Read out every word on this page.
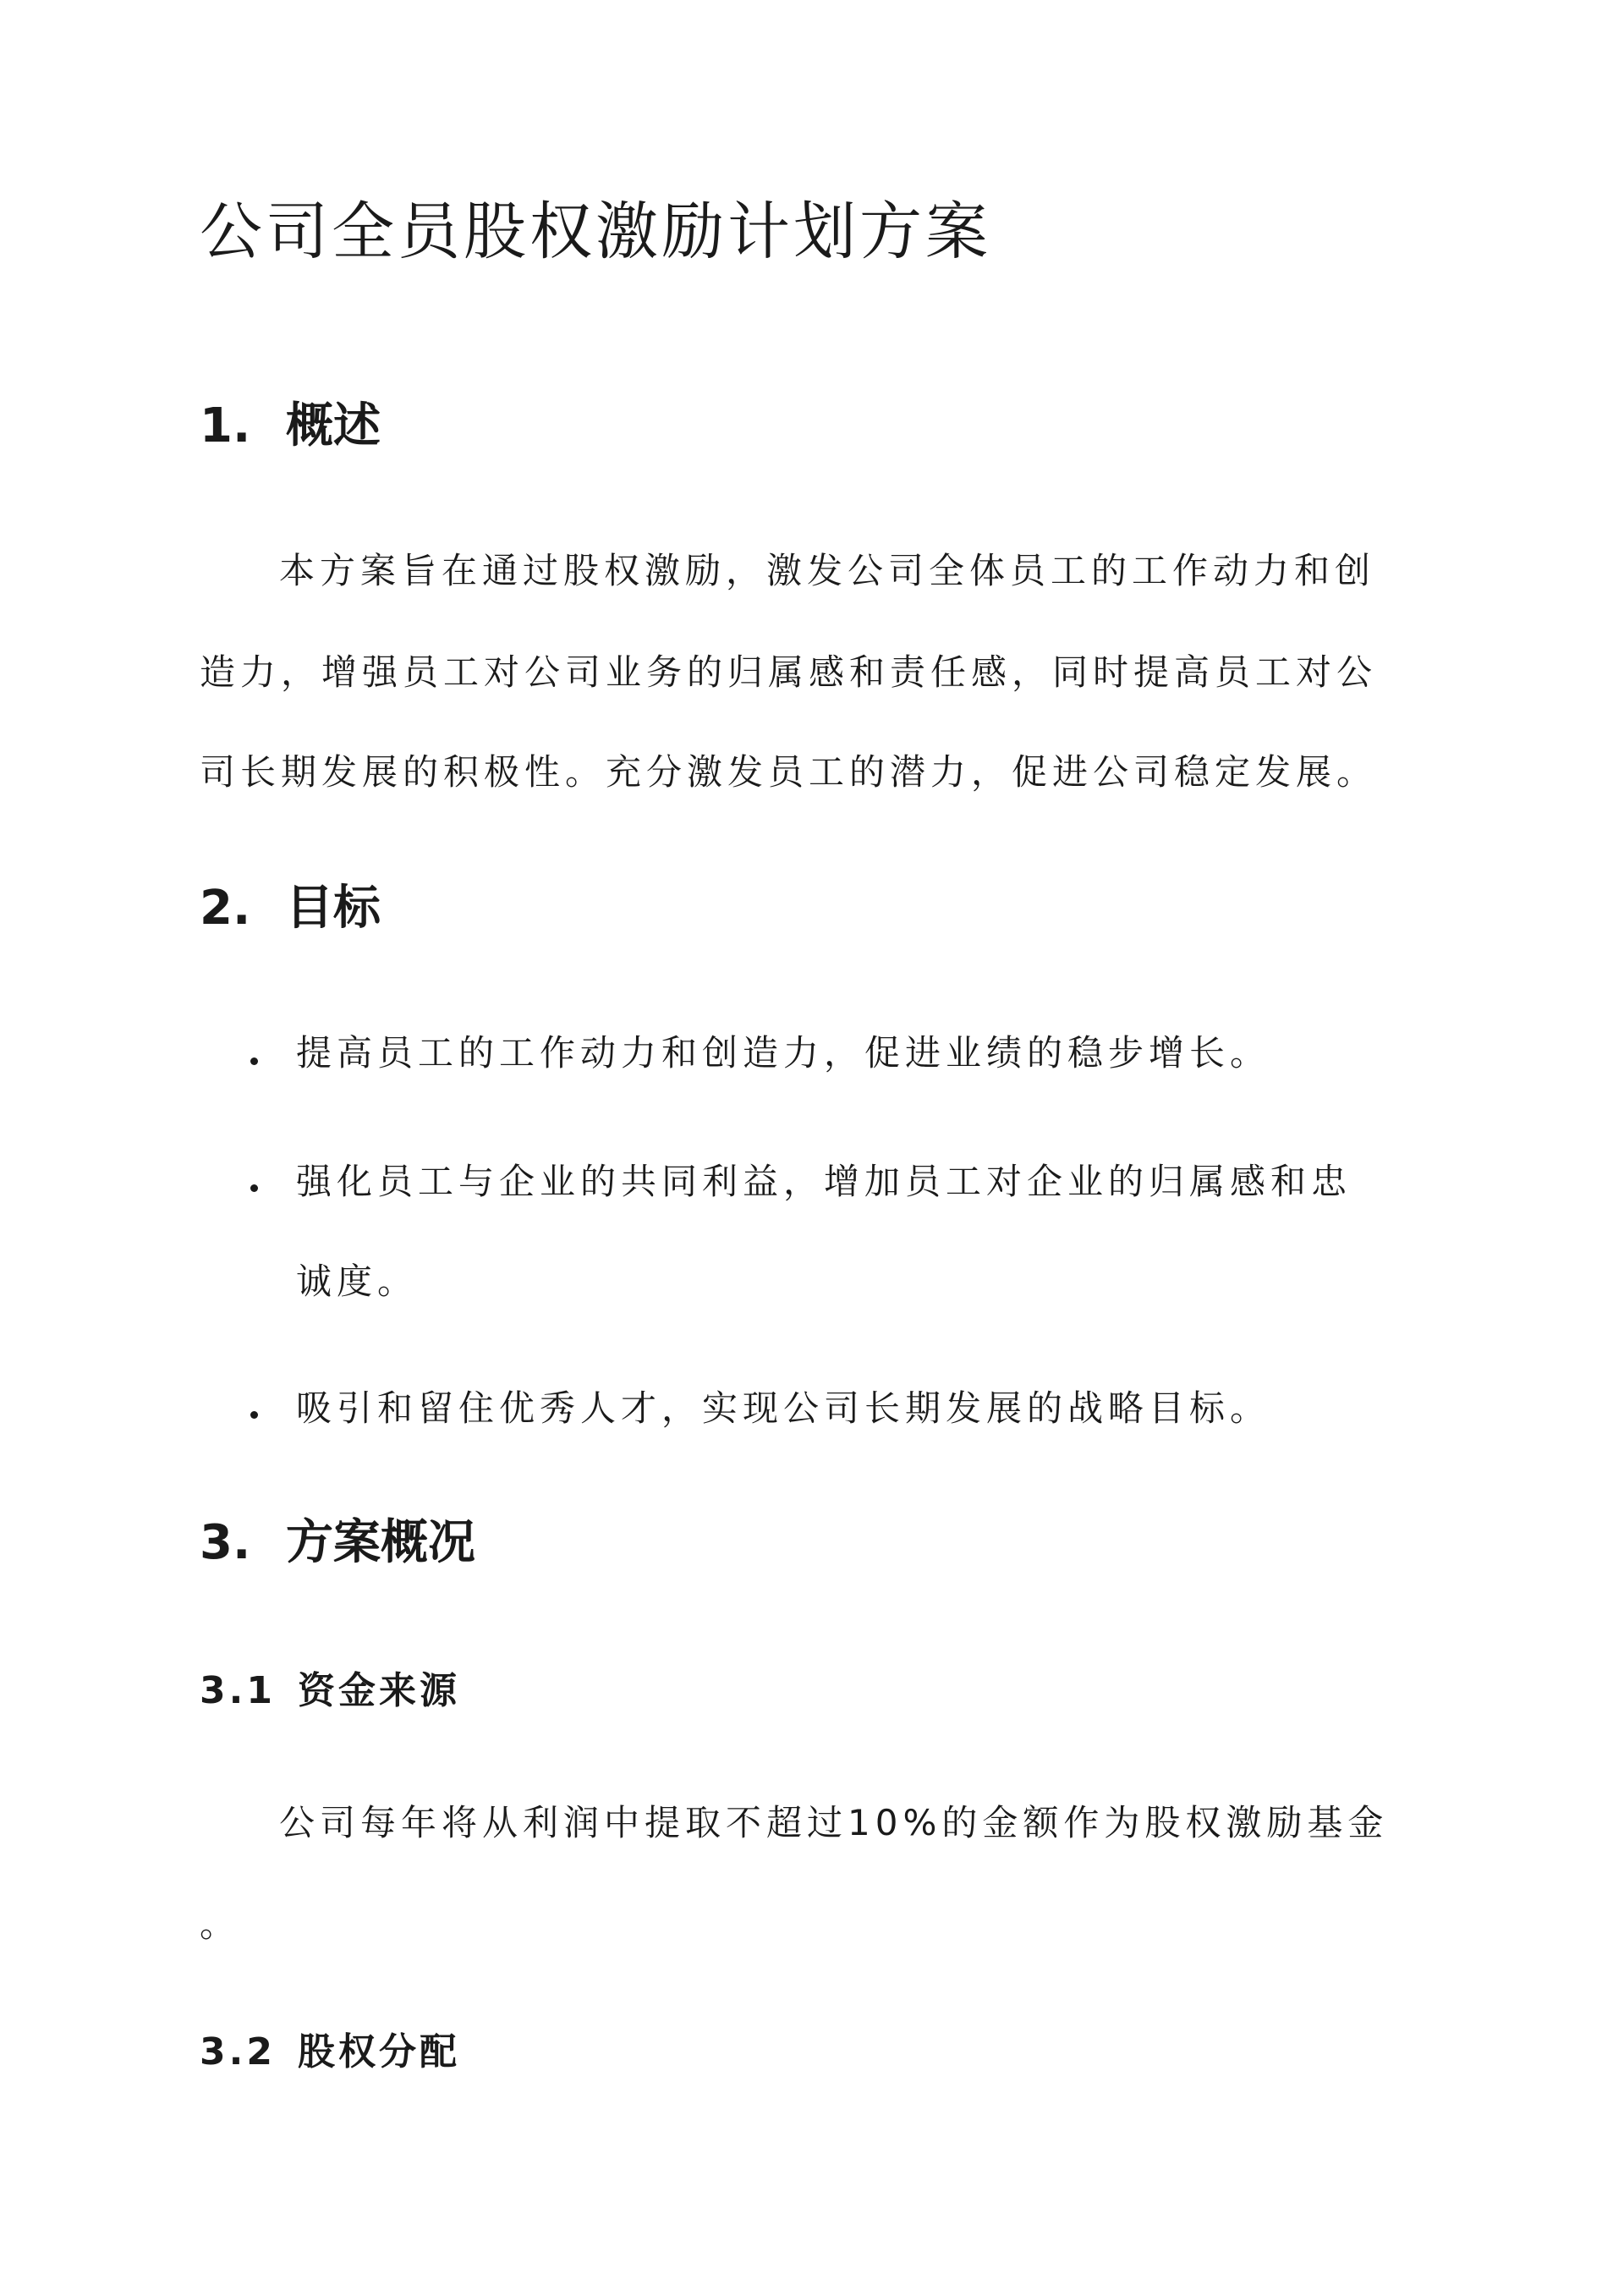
公司全员股权激励计划方案
1. 概述

本方案旨在通过股权激励，激发公司全体员工的工作动力和创

造力，增强员工对公司业务的归属感和责任感，同时提高员工对公

司长期发展的积极性。充分激发员工的潜力，促进公司稳定发展。

2. 目标

提高员工的工作动力和创造力，促进业绩的稳步增长。

强化员工与企业的共同利益，增加员工对企业的归属感和忠

诚度。

吸引和留住优秀人才，实现公司长期发展的战略目标。

3. 方案概况
3.1 资金来源

公司每年将从利润中提取不超过10%的金额作为股权激励基金

。

3.2 股权分配
